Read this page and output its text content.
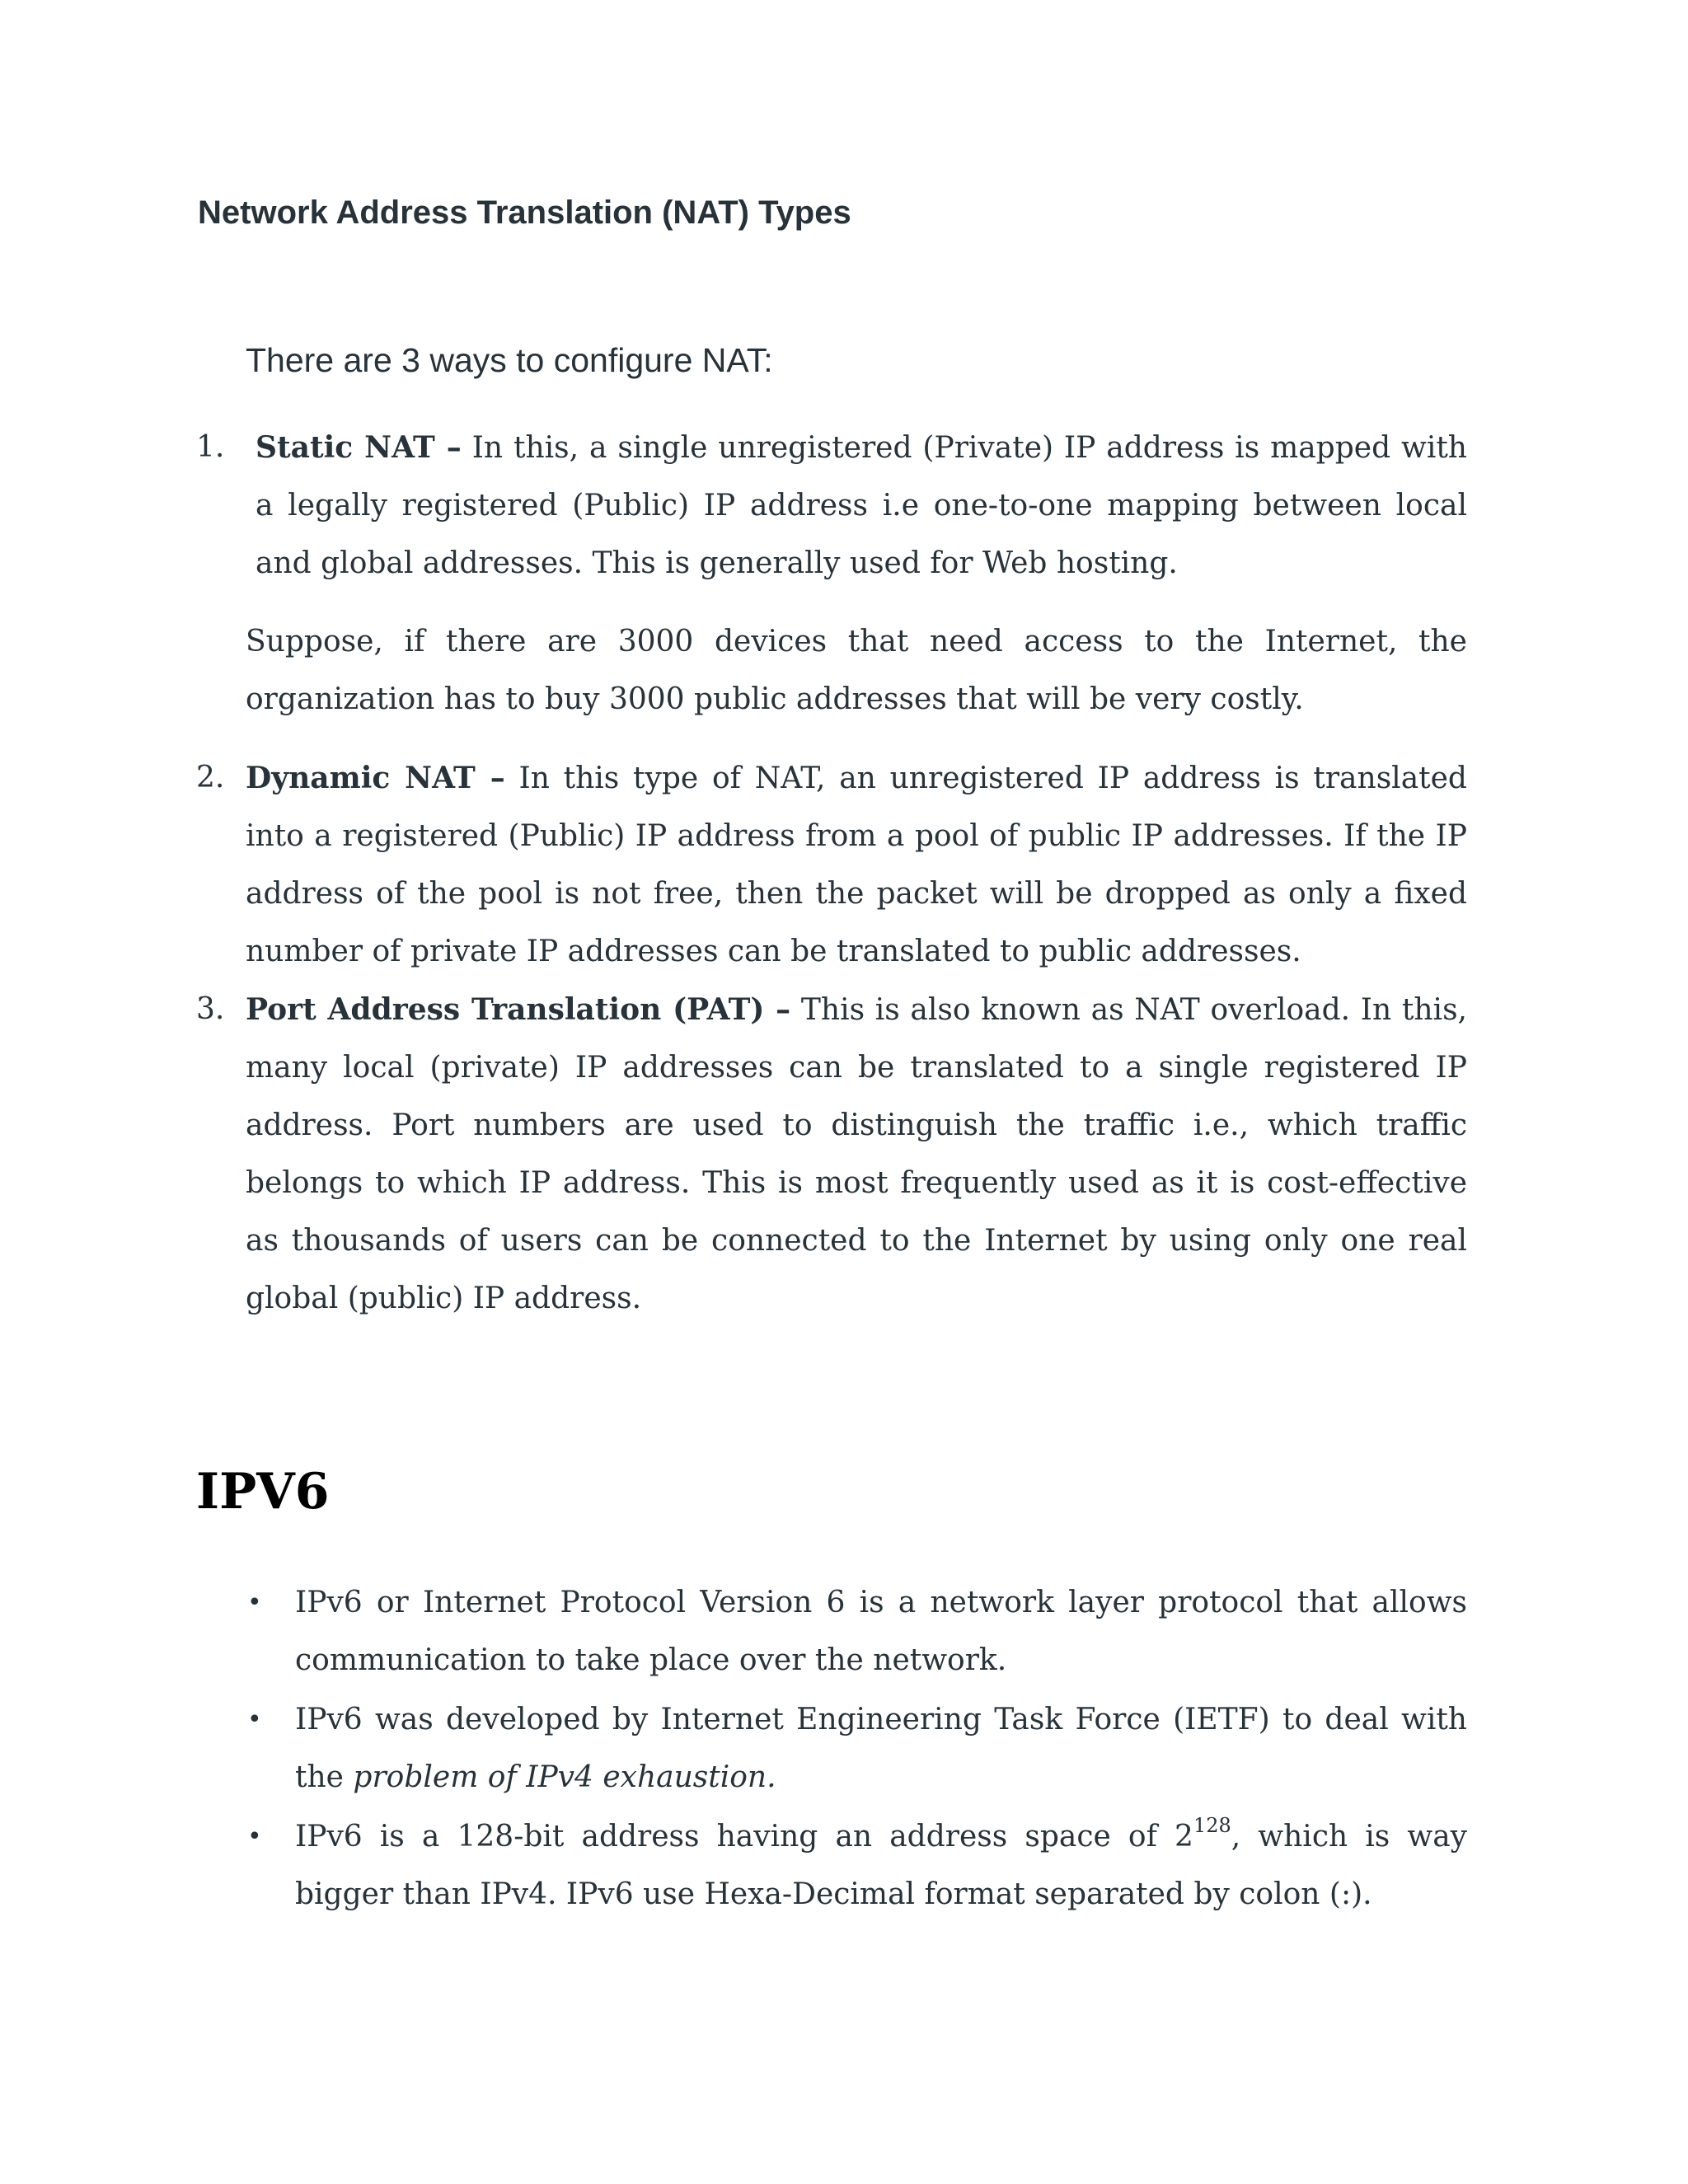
Network Address Translation (NAT) Types

There are 3 ways to configure NAT:

1.	Static NAT – In this, a single unregistered (Private) IP address is mapped with a legally registered (Public) IP address i.e one-to-one mapping between local and global addresses. This is generally used for Web hosting.

Suppose, if there are 3000 devices that need access to the Internet, the organization has to buy 3000 public addresses that will be very costly.

2. Dynamic NAT – In this type of NAT, an unregistered IP address is translated into a registered (Public) IP address from a pool of public IP addresses. If the IP address of the pool is not free, then the packet will be dropped as only a fixed number of private IP addresses can be translated to public addresses.

3. Port Address Translation (PAT) – This is also known as NAT overload. In this, many local (private) IP addresses can be translated to a single registered IP address. Port numbers are used to distinguish the traffic i.e., which traffic belongs to which IP address. This is most frequently used as it is cost-effective as thousands of users can be connected to the Internet by using only one real global (public) IP address.

IPV6
• IPv6 or Internet Protocol Version 6 is a network layer protocol that allows communication to take place over the network.
• IPv6 was developed by Internet Engineering Task Force (IETF) to deal with the problem of IPv4 exhaustion.
• IPv6 is a 128-bit address having an address space of $2^{128}$, which is way bigger than IPv4. IPv6 use Hexa-Decimal format separated by colon (:).
